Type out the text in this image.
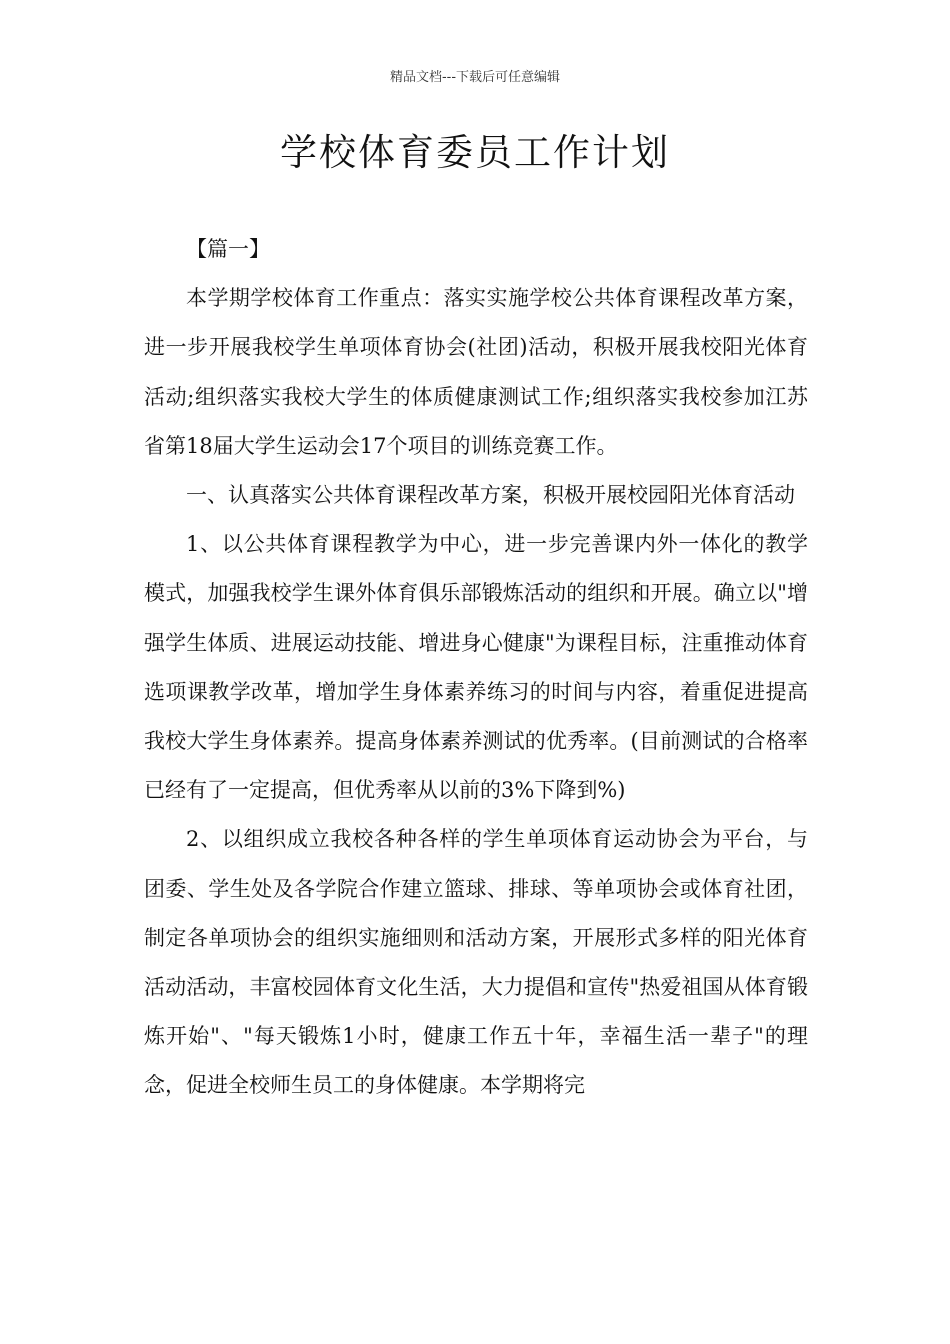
精品文档---下载后可任意编辑
学校体育委员工作计划

【篇一】

本学期学校体育工作重点：落实实施学校公共体育课程改革方案，进一步开展我校学生单项体育协会(社团)活动，积极开展我校阳光体育活动;组织落实我校大学生的体质健康测试工作;组织落实我校参加江苏省第18届大学生运动会17个项目的训练竞赛工作。

一、认真落实公共体育课程改革方案，积极开展校园阳光体育活动

1、以公共体育课程教学为中心，进一步完善课内外一体化的教学模式，加强我校学生课外体育俱乐部锻炼活动的组织和开展。确立以"增强学生体质、进展运动技能、增进身心健康"为课程目标，注重推动体育选项课教学改革，增加学生身体素养练习的时间与内容，着重促进提高我校大学生身体素养。提高身体素养测试的优秀率。(目前测试的合格率已经有了一定提高，但优秀率从以前的3%下降到%)

2、以组织成立我校各种各样的学生单项体育运动协会为平台，与团委、学生处及各学院合作建立篮球、排球、等单项协会或体育社团，制定各单项协会的组织实施细则和活动方案，开展形式多样的阳光体育活动活动，丰富校园体育文化生活，大力提倡和宣传"热爱祖国从体育锻炼开始"、"每天锻炼1小时，健康工作五十年，幸福生活一辈子"的理念，促进全校师生员工的身体健康。本学期将完
